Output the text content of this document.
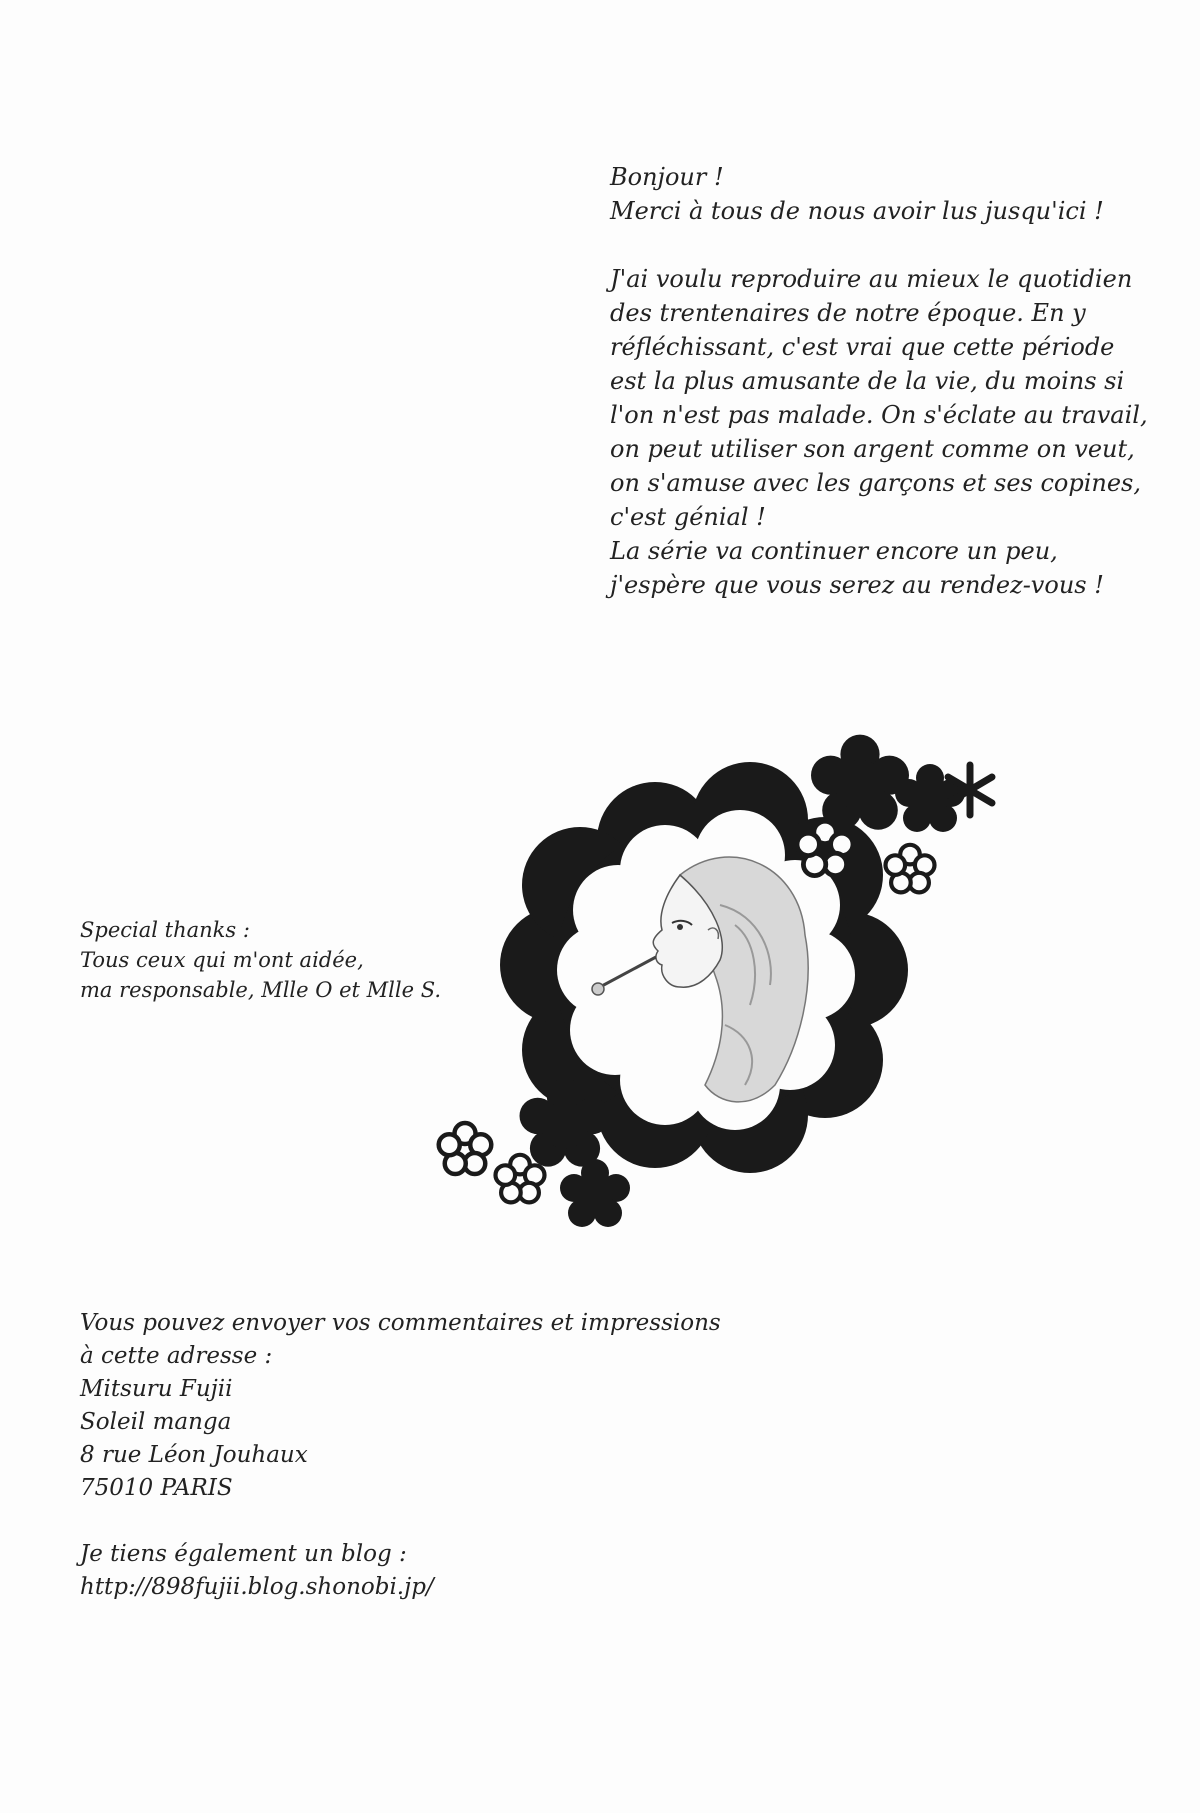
Bonjour !
Merci à tous de nous avoir lus jusqu'ici !
J'ai voulu reproduire au mieux le quotidien
des trentenaires de notre époque. En y
réfléchissant, c'est vrai que cette période
est la plus amusante de la vie, du moins si
l'on n'est pas malade. On s'éclate au travail,
on peut utiliser son argent comme on veut,
on s'amuse avec les garçons et ses copines,
c'est génial !
La série va continuer encore un peu,
j'espère que vous serez au rendez-vous !
Special thanks :
Tous ceux qui m'ont aidée,
ma responsable, Mlle O et Mlle S.
Vous pouvez envoyer vos commentaires et impressions
à cette adresse :
Mitsuru Fujii
Soleil manga
8 rue Léon Jouhaux
75010 PARIS
Je tiens également un blog :
http://898fujii.blog.shonobi.jp/
